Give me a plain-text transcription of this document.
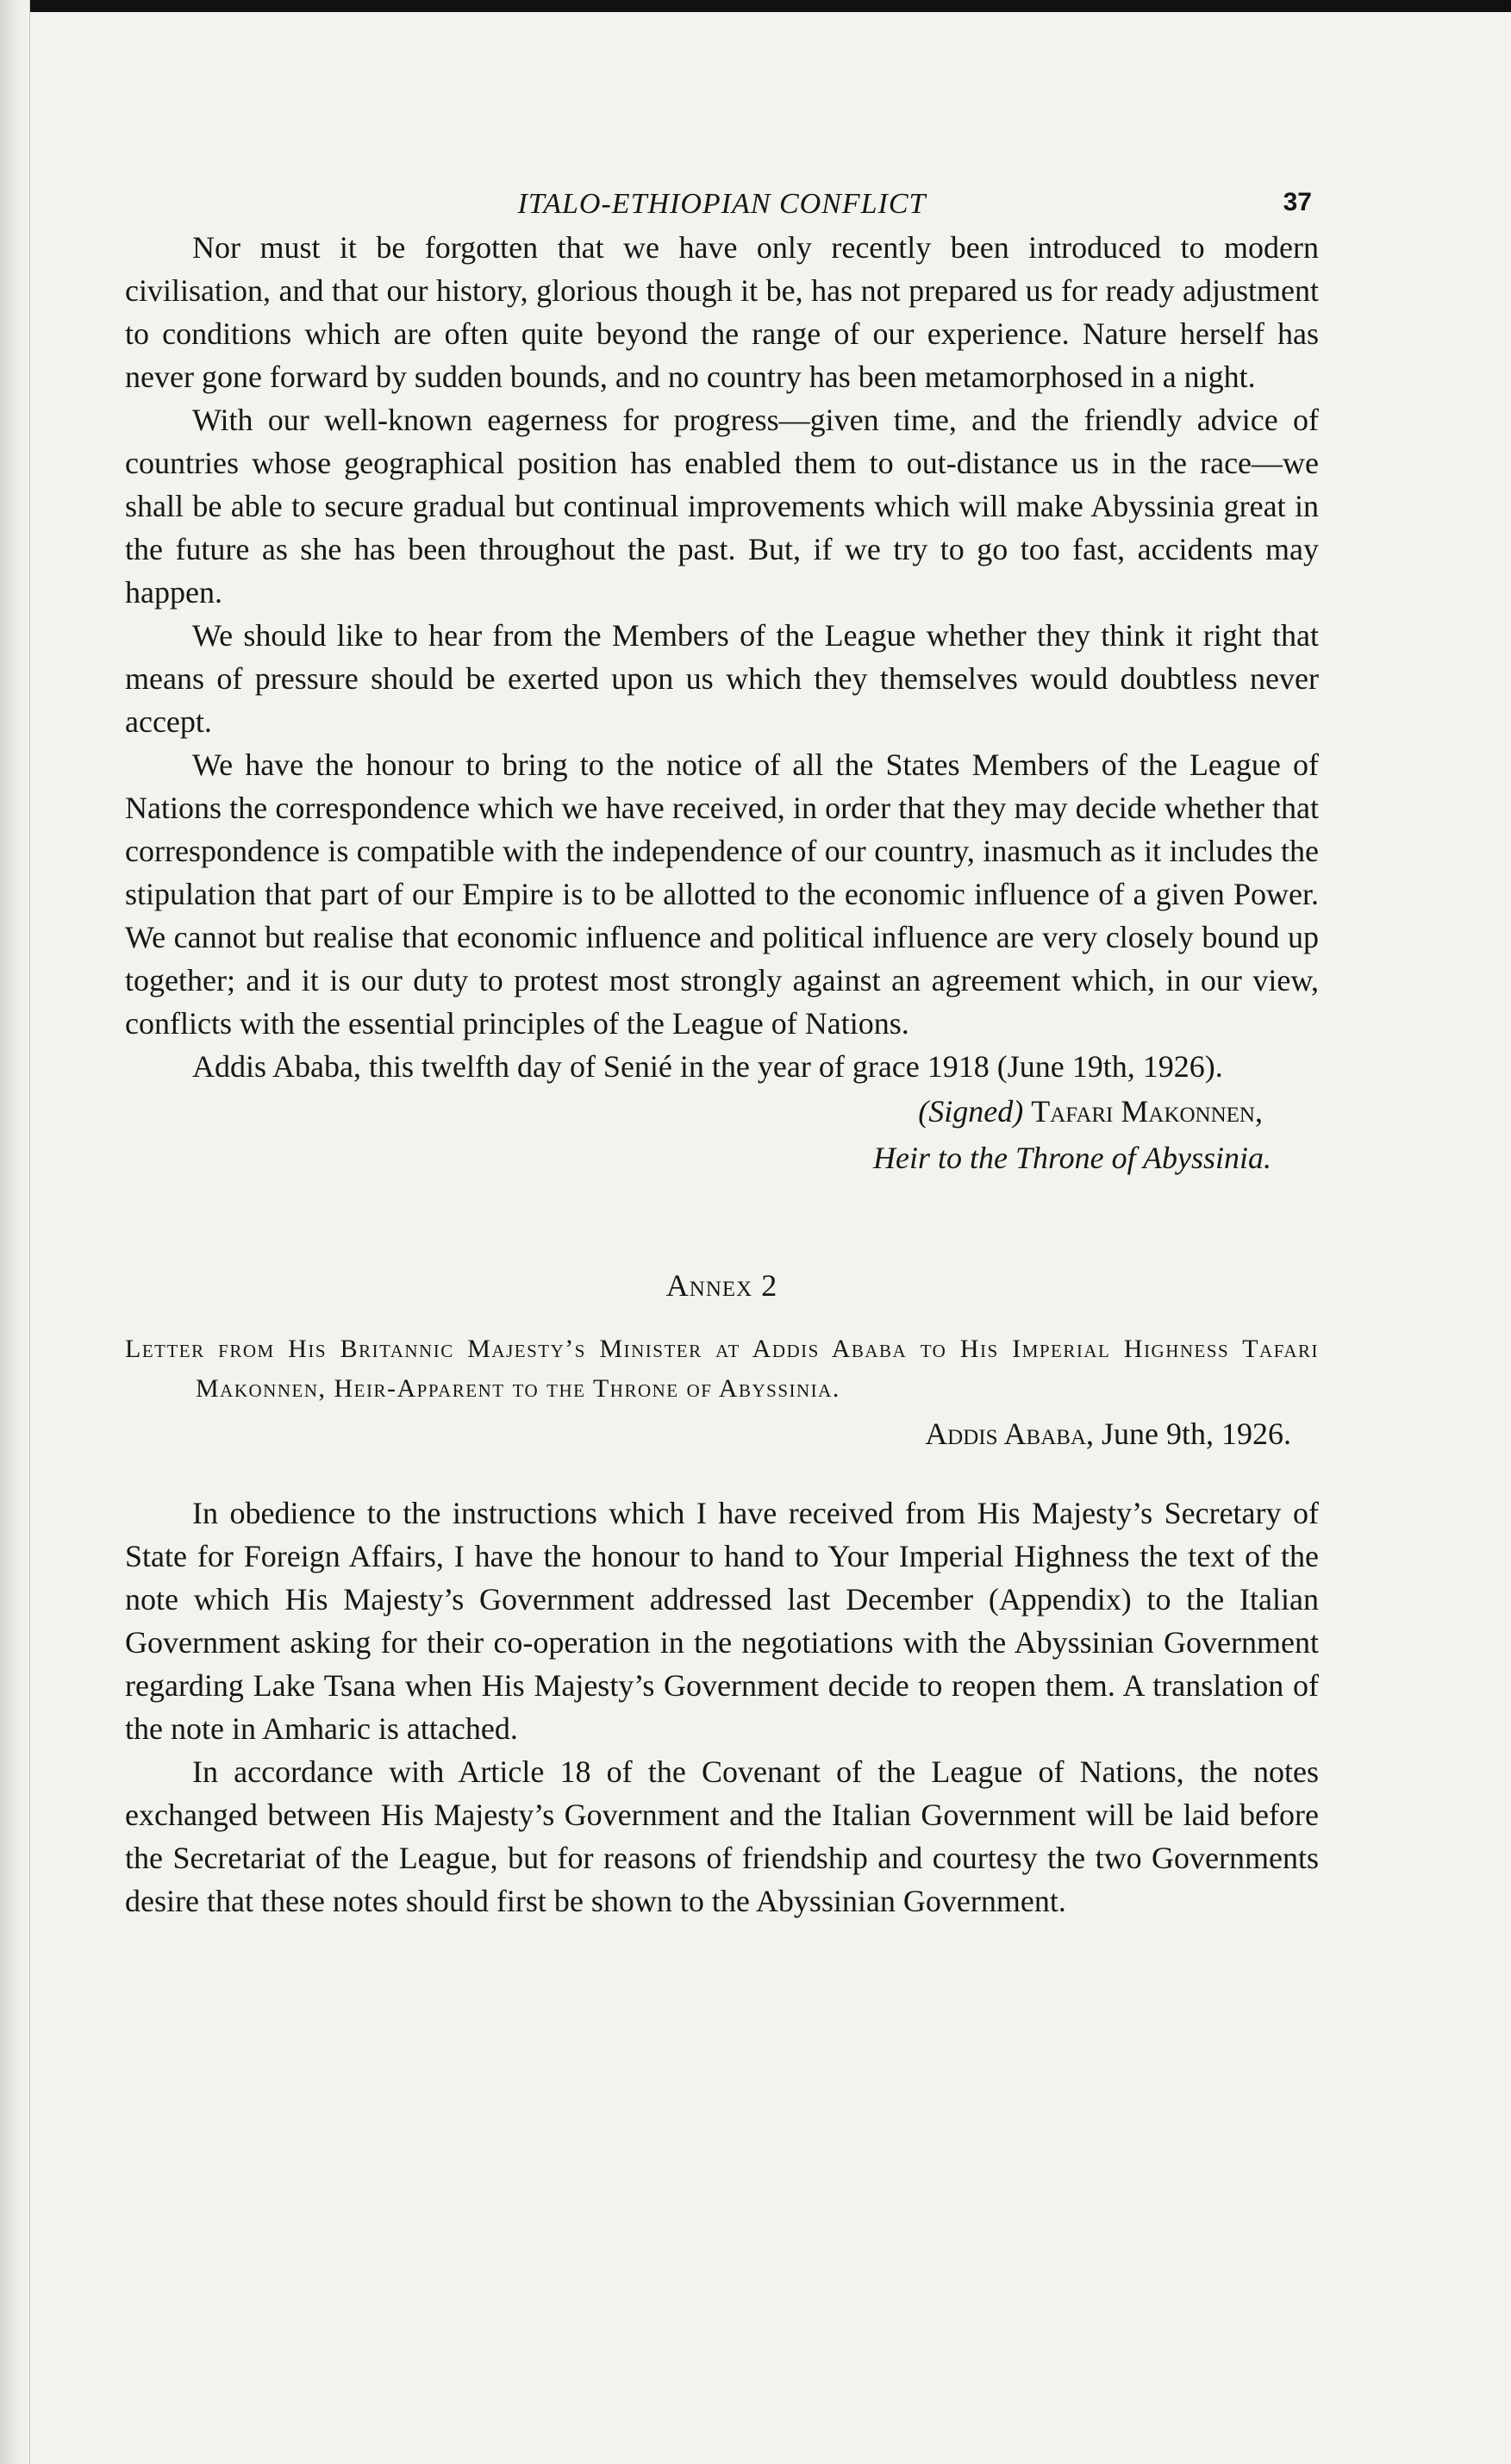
ITALO-ETHIOPIAN CONFLICT	37

Nor must it be forgotten that we have only recently been introduced to modern civilisation, and that our history, glorious though it be, has not prepared us for ready adjustment to conditions which are often quite beyond the range of our experience. Nature herself has never gone forward by sudden bounds, and no country has been metamorphosed in a night.

With our well-known eagerness for progress—given time, and the friendly advice of countries whose geographical position has enabled them to out-distance us in the race—we shall be able to secure gradual but continual improvements which will make Abyssinia great in the future as she has been throughout the past. But, if we try to go too fast, accidents may happen.

We should like to hear from the Members of the League whether they think it right that means of pressure should be exerted upon us which they themselves would doubtless never accept.

We have the honour to bring to the notice of all the States Members of the League of Nations the correspondence which we have received, in order that they may decide whether that correspondence is compatible with the independence of our country, inasmuch as it includes the stipulation that part of our Empire is to be allotted to the economic influence of a given Power. We cannot but realise that economic influence and political influence are very closely bound up together; and it is our duty to protest most strongly against an agreement which, in our view, conflicts with the essential principles of the League of Nations.

Addis Ababa, this twelfth day of Senié in the year of grace 1918 (June 19th, 1926).

(Signed) Tafari Makonnen,
Heir to the Throne of Abyssinia.
Annex 2

Letter from His Britannic Majesty’s Minister at Addis Ababa to His Imperial Highness Tafari Makonnen, Heir-Apparent to the Throne of Abyssinia.

Addis Ababa, June 9th, 1926.

In obedience to the instructions which I have received from His Majesty’s Secretary of State for Foreign Affairs, I have the honour to hand to Your Imperial Highness the text of the note which His Majesty’s Government addressed last December (Appendix) to the Italian Government asking for their co-operation in the negotiations with the Abyssinian Government regarding Lake Tsana when His Majesty’s Government decide to reopen them. A translation of the note in Amharic is attached.

In accordance with Article 18 of the Covenant of the League of Nations, the notes exchanged between His Majesty’s Government and the Italian Government will be laid before the Secretariat of the League, but for reasons of friendship and courtesy the two Governments desire that these notes should first be shown to the Abyssinian Government.
